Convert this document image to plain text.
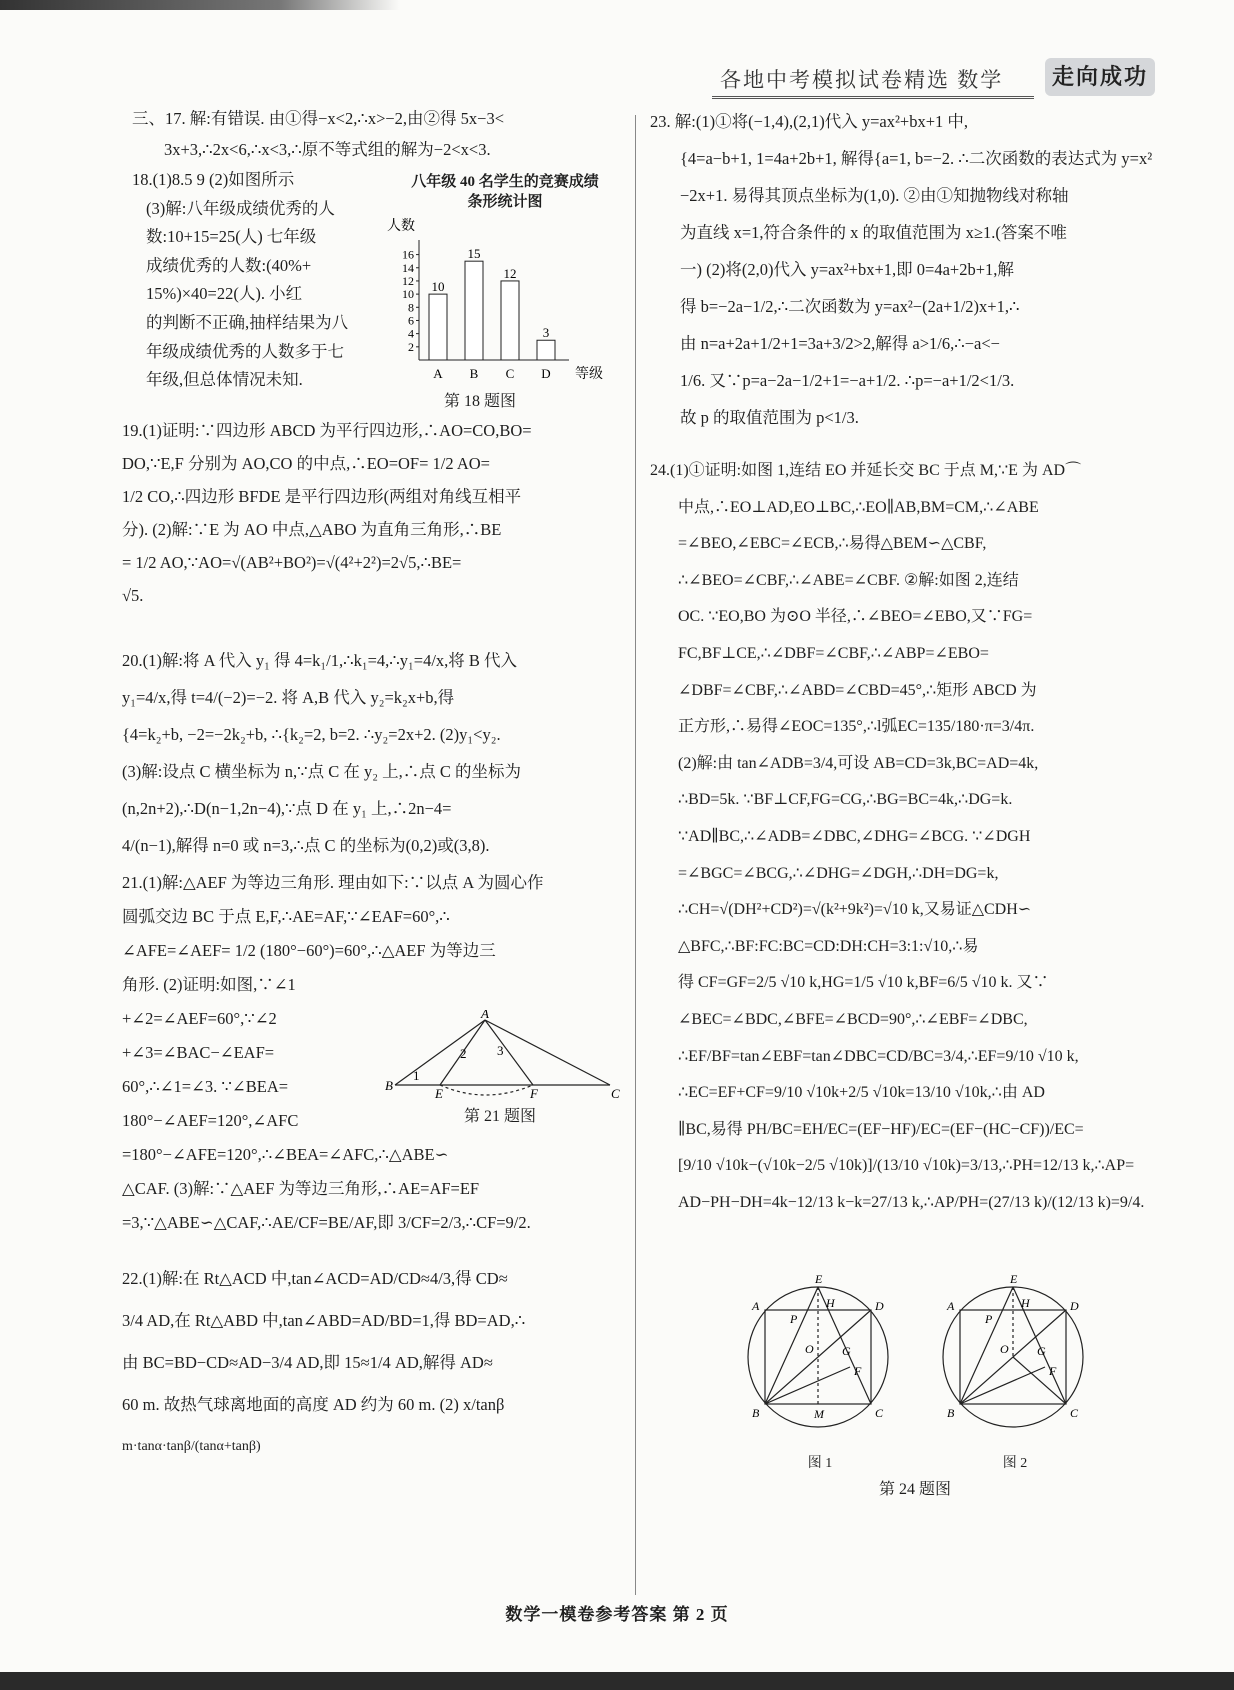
各地中考模拟试卷精选 数学	走向成功
三、17. 解:有错误. 由①得−x<2,∴x>−2,由②得 5x−3<
3x+3,∴2x<6,∴x<3,∴原不等式组的解为−2<x<3.
18.(1)8.5 9 (2)如图所示
(3)解:八年级成绩优秀的人
数:10+15=25(人) 七年级
成绩优秀的人数:(40%+
15%)×40=22(人). 小红
的判断不正确,抽样结果为八
年级成绩优秀的人数多于七
年级,但总体情况未知.
八年级 40 名学生的竞赛成绩
条形统计图
人数
等级
2
4
6
8
10
12
14
16
10
A
15
B
12
C
3
D
第 18 题图
19.(1)证明:∵四边形 ABCD 为平行四边形,∴AO=CO,BO=
DO,∵E,F 分别为 AO,CO 的中点,∴EO=OF= 1/2 AO=
1/2 CO,∴四边形 BFDE 是平行四边形(两组对角线互相平
分). (2)解:∵E 为 AO 中点,△ABO 为直角三角形,∴BE
= 1/2 AO,∵AO=√(AB²+BO²)=√(4²+2²)=2√5,∴BE=
√5.
20.(1)解:将 A 代入 y₁ 得 4=k₁/1,∴k₁=4,∴y₁=4/x,将 B 代入
y₁=4/x,得 t=4/(−2)=−2. 将 A,B 代入 y₂=k₂x+b,得
{4=k₂+b, −2=−2k₂+b, ∴{k₂=2, b=2. ∴y₂=2x+2. (2)y₁<y₂.
(3)解:设点 C 横坐标为 n,∵点 C 在 y₂ 上,∴点 C 的坐标为
(n,2n+2),∴D(n−1,2n−4),∵点 D 在 y₁ 上,∴2n−4=
4/(n−1),解得 n=0 或 n=3,∴点 C 的坐标为(0,2)或(3,8).
21.(1)解:△AEF 为等边三角形. 理由如下:∵以点 A 为圆心作
圆弧交边 BC 于点 E,F,∴AE=AF,∵∠EAF=60°,∴
∠AFE=∠AEF= 1/2 (180°−60°)=60°,∴△AEF 为等边三
角形. (2)证明:如图,∵∠1
+∠2=∠AEF=60°,∵∠2
+∠3=∠BAC−∠EAF=
60°,∴∠1=∠3. ∵∠BEA=
180°−∠AEF=120°,∠AFC
=180°−∠AFE=120°,∴∠BEA=∠AFC,∴△ABE∽
△CAF. (3)解:∵△AEF 为等边三角形,∴AE=AF=EF
=3,∵△ABE∽△CAF,∴AE/CF=BE/AF,即 3/CF=2/3,∴CF=9/2.
A
B
E	F	C
1
2 3
第 21 题图
22.(1)解:在 Rt△ACD 中,tan∠ACD=AD/CD≈4/3,得 CD≈
3/4 AD,在 Rt△ABD 中,tan∠ABD=AD/BD=1,得 BD=AD,∴
由 BC=BD−CD≈AD−3/4 AD,即 15≈1/4 AD,解得 AD≈
60 m. 故热气球离地面的高度 AD 约为 60 m. (2) x/tanβ
m·tanα·tanβ/(tanα+tanβ)
23. 解:(1)①将(−1,4),(2,1)代入 y=ax²+bx+1 中,
{4=a−b+1, 1=4a+2b+1, 解得{a=1, b=−2. ∴二次函数的表达式为 y=x²
−2x+1. 易得其顶点坐标为(1,0). ②由①知抛物线对称轴
为直线 x=1,符合条件的 x 的取值范围为 x≥1.(答案不唯
一) (2)将(2,0)代入 y=ax²+bx+1,即 0=4a+2b+1,解
得 b=−2a−1/2,∴二次函数为 y=ax²−(2a+1/2)x+1,∴
由 n=a+2a+1/2+1=3a+3/2>2,解得 a>1/6,∴−a<−
1/6. 又∵p=a−2a−1/2+1=−a+1/2. ∴p=−a+1/2<1/3.
故 p 的取值范围为 p<1/3.
24.(1)①证明:如图 1,连结 EO 并延长交 BC 于点 M,∵E 为 AD⌒
中点,∴EO⊥AD,EO⊥BC,∴EO∥AB,BM=CM,∴∠ABE
=∠BEO,∠EBC=∠ECB,∴易得△BEM∽△CBF,
∴∠BEO=∠CBF,∴∠ABE=∠CBF. ②解:如图 2,连结
OC. ∵EO,BO 为⊙O 半径,∴∠BEO=∠EBO,又∵FG=
FC,BF⊥CE,∴∠DBF=∠CBF,∴∠ABP=∠EBO=
∠DBF=∠CBF,∴∠ABD=∠CBD=45°,∴矩形 ABCD 为
正方形,∴易得∠EOC=135°,∴l弧EC=135/180·π=3/4π.
(2)解:由 tan∠ADB=3/4,可设 AB=CD=3k,BC=AD=4k,
∴BD=5k. ∵BF⊥CF,FG=CG,∴BG=BC=4k,∴DG=k.
∵AD∥BC,∴∠ADB=∠DBC,∠DHG=∠BCG. ∵∠DGH
=∠BGC=∠BCG,∴∠DHG=∠DGH,∴DH=DG=k,
∴CH=√(DH²+CD²)=√(k²+9k²)=√10 k,又易证△CDH∽
△BFC,∴BF:FC:BC=CD:DH:CH=3:1:√10,∴易
得 CF=GF=2/5 √10 k,HG=1/5 √10 k,BF=6/5 √10 k. 又∵
∠BEC=∠BDC,∠BFE=∠BCD=90°,∴∠EBF=∠DBC,
∴EF/BF=tan∠EBF=tan∠DBC=CD/BC=3/4,∴EF=9/10 √10 k,
∴EC=EF+CF=9/10 √10k+2/5 √10k=13/10 √10k,∴由 AD
∥BC,易得 PH/BC=EH/EC=(EF−HF)/EC=(EF−(HC−CF))/EC=
[9/10 √10k−(√10k−2/5 √10k)]/(13/10 √10k)=3/13,∴PH=12/13 k,∴AP=
AD−PH−DH=4k−12/13 k−k=27/13 k,∴AP/PH=(27/13 k)/(12/13 k)=9/4.
A	D
E
H
P
O G
F
B	C
M
A	D
E
H
P
O G
F
B	C
图 1	图 2
第 24 题图
数学一模卷参考答案 第 2 页
